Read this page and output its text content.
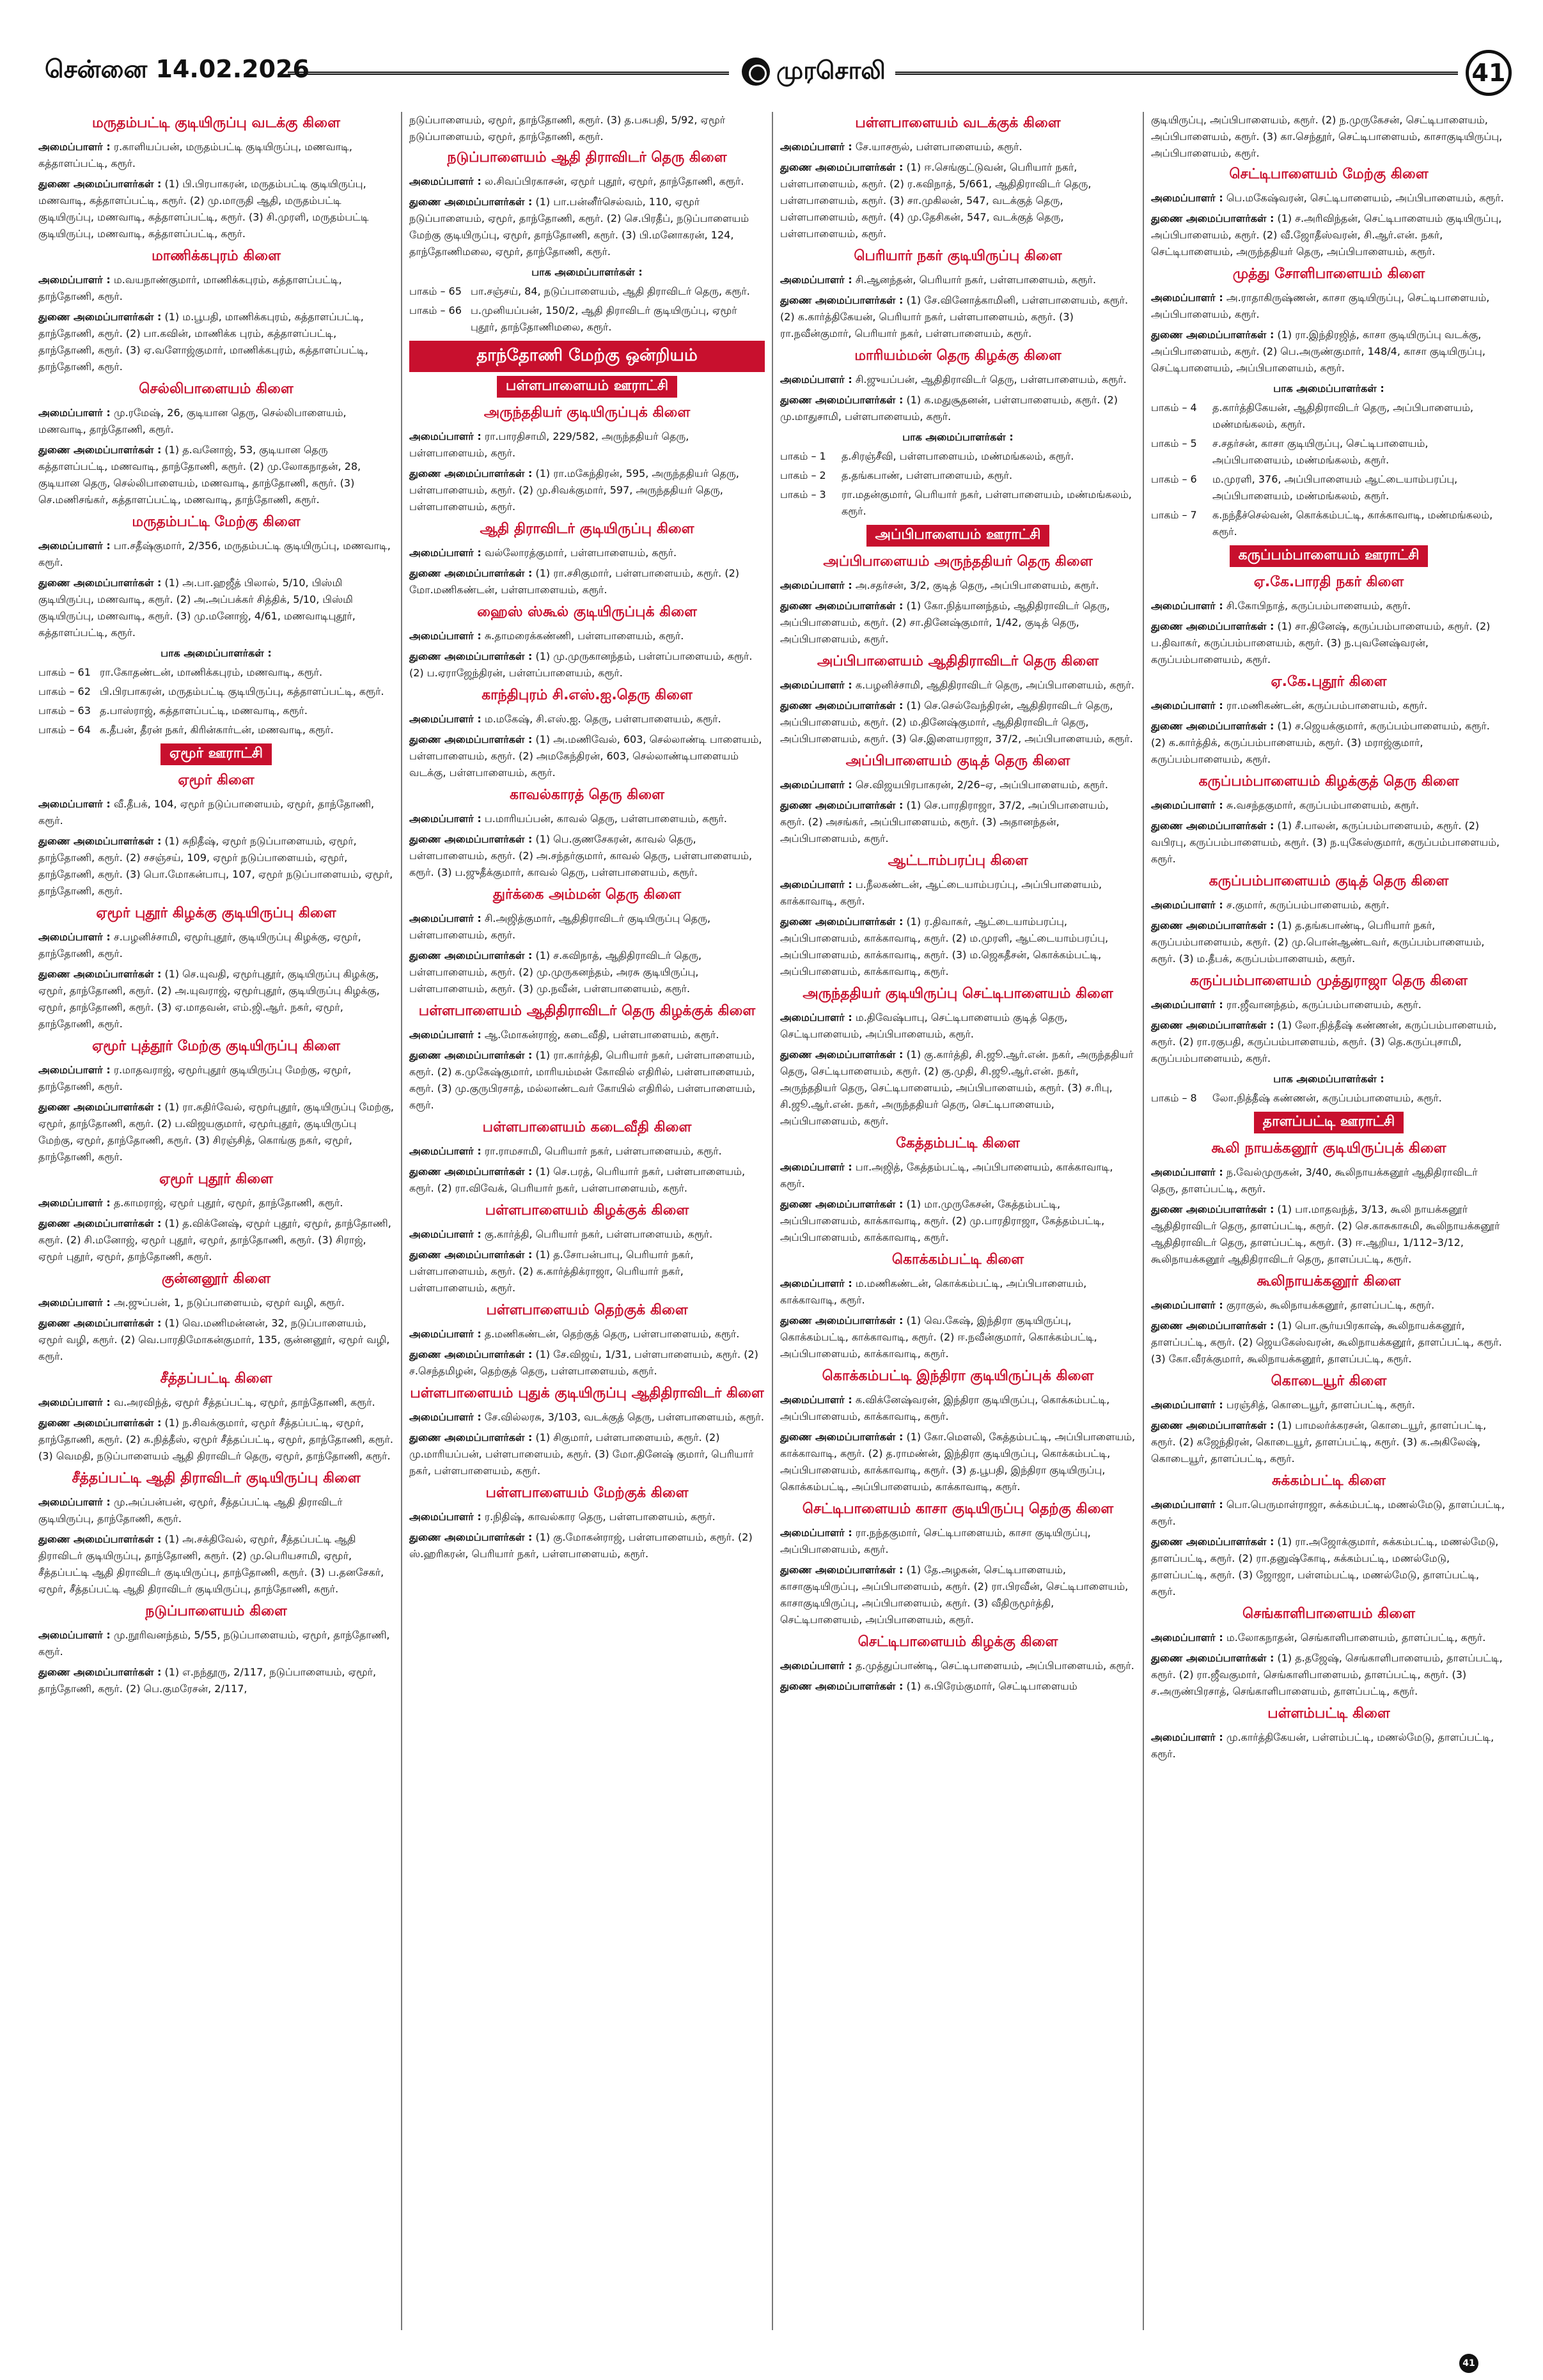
சென்னை 14.02.2026	முரசொலி	41
மருதம்பட்டி குடியிருப்பு வடக்கு கிளை
அமைப்பாளர் : ர.காளியப்பன், மருதம்பட்டி குடியிருப்பு, மணவாடி, கத்தாளப்பட்டி, கரூர்.
துணை அமைப்பாளர்கள் : (1) பி.பிரபாகரன், மருதம்பட்டி குடியிருப்பு, மணவாடி, கத்தாளப்பட்டி, கரூர். (2) மு.மாருதி ஆதி, மருதம்பட்டி குடியிருப்பு, மணவாடி, கத்தாளப்பட்டி, கரூர். (3) சி.முரளி, மருதம்பட்டி குடியிருப்பு, மணவாடி, கத்தாளப்பட்டி, கரூர்.
மாணிக்கபுரம் கிளை
அமைப்பாளர் : ம.வயநாண்குமார், மாணிக்கபுரம், கத்தாளப்பட்டி, தாந்தோணி, கரூர்.
துணை அமைப்பாளர்கள் : (1) ம.பூபதி, மாணிக்கபுரம், கத்தாளப்பட்டி, தாந்தோணி, கரூர். (2) பா.கவின், மாணிக்க புரம், கத்தாளப்பட்டி, தாந்தோணி, கரூர். (3) ஏ.வளோஜ்குமார், மாணிக்கபுரம், கத்தாளப்பட்டி, தாந்தோணி, கரூர்.
செல்லிபாளையம் கிளை
அமைப்பாளர் : மு.ரமேஷ், 26, குடியான தெரு, செல்லிபாளையம், மணவாடி, தாந்தோணி, கரூர்.
துணை அமைப்பாளர்கள் : (1) த.வனோஜ், 53, குடியான தெரு கத்தாளப்பட்டி, மணவாடி, தாந்தோணி, கரூர். (2) மு.லோகநாதன், 28, குடியான தெரு, செல்லிபாளையம், மணவாடி, தாந்தோணி, கரூர். (3) செ.மணிசங்கர், கத்தாளப்பட்டி, மணவாடி, தாந்தோணி, கரூர்.
மருதம்பட்டி மேற்கு கிளை
அமைப்பாளர் : பா.சதீஷ்குமார், 2/356, மருதம்பட்டி குடியிருப்பு, மணவாடி, கரூர்.
துணை அமைப்பாளர்கள் : (1) அ.பா.ஹஜீத் பிலால், 5/10, பிஸ்மி குடியிருப்பு, மணவாடி, கரூர். (2) அ.அப்பக்கர் சித்திக், 5/10, பிஸ்மி குடியிருப்பு, மணவாடி, கரூர். (3) மு.மனோஜ், 4/61, மணவாடிபுதூர், கத்தாளப்பட்டி, கரூர்.
பாக அமைப்பாளர்கள் :
பாகம் – 61 ரா.கோதண்டன், மாணிக்கபுரம், மணவாடி, கரூர்.
பாகம் – 62 பி.பிரபாகரன், மருதம்பட்டி குடியிருப்பு, கத்தாளப்பட்டி, கரூர்.
பாகம் – 63 த.பாஸ்ராஜ், கத்தாளப்பட்டி, மணவாடி, கரூர்.
பாகம் – 64 க.தீபன், தீரன் நகர், கிரின்கார்டன், மணவாடி, கரூர்.
ஏமூர் ஊராட்சி
ஏமூர் கிளை
அமைப்பாளர் : வீ.தீபக், 104, ஏமூர் நடுப்பாளையம், ஏமூர், தாந்தோணி, கரூர்.
துணை அமைப்பாளர்கள் : (1) சுநிதீஷ், ஏமூர் நடுப்பாளையம், ஏமூர், தாந்தோணி, கரூர். (2) சசஞ்சய், 109, ஏமூர் நடுப்பாளையம், ஏமூர், தாந்தோணி, கரூர். (3) பொ.மோகன்பாபு, 107, ஏமூர் நடுப்பாளையம், ஏமூர், தாந்தோணி, கரூர்.
ஏமூர் புதூர் கிழக்கு குடியிருப்பு கிளை
அமைப்பாளர் : ச.பழனிச்சாமி, ஏமூர்புதூர், குடியிருப்பு கிழக்கு, ஏமூர், தாந்தோணி, கரூர்.
துணை அமைப்பாளர்கள் : (1) செ.யுவதி, ஏமூர்புதூர், குடியிருப்பு கிழக்கு, ஏமூர், தாந்தோணி, கரூர். (2) அ.யுவராஜ், ஏமூர்புதூர், குடியிருப்பு கிழக்கு, ஏமூர், தாந்தோணி, கரூர். (3) ஏ.மாதவன், எம்.ஜி.ஆர். நகர், ஏமூர், தாந்தோணி, கரூர்.
ஏமூர் புத்தூர் மேற்கு குடியிருப்பு கிளை
அமைப்பாளர் : ர.மாதவராஜ், ஏமூர்புதூர் குடியிருப்பு மேற்கு, ஏமூர், தாந்தோணி, கரூர்.
துணை அமைப்பாளர்கள் : (1) ரா.கதிர்வேல், ஏமூர்புதூர், குடியிருப்பு மேற்கு, ஏமூர், தாந்தோணி, கரூர். (2) ப.விஜயகுமார், ஏமூர்புதூர், குடியிருப்பு மேற்கு, ஏமூர், தாந்தோணி, கரூர். (3) சிரஞ்சித், கொங்கு நகர், ஏமூர், தாந்தோணி, கரூர்.
ஏமூர் புதூர் கிளை
அமைப்பாளர் : த.காமராஜ், ஏமூர் புதூர், ஏமூர், தாந்தோணி, கரூர்.
துணை அமைப்பாளர்கள் : (1) த.விக்னேஷ், ஏமூர் புதூர், ஏமூர், தாந்தோணி, கரூர். (2) சி.மனோஜ், ஏமூர் புதூர், ஏமூர், தாந்தோணி, கரூர். (3) சிராஜ், ஏமூர் புதூர், ஏமூர், தாந்தோணி, கரூர்.
குன்னனூர் கிளை
அமைப்பாளர் : அ.ஜுப்பன், 1, நடுப்பாளையம், ஏமூர் வழி, கரூர்.
துணை அமைப்பாளர்கள் : (1) வெ.மணிமன்னன், 32, நடுப்பாளையம், ஏமூர் வழி, கரூர். (2) வெ.பாரதிமோகன்குமார், 135, குன்னனூர், ஏமூர் வழி, கரூர்.
சீத்தப்பட்டி கிளை
அமைப்பாளர் : வ.அரவிந்த், ஏமூர் சீத்தப்பட்டி, ஏமூர், தாந்தோணி, கரூர்.
துணை அமைப்பாளர்கள் : (1) ந.சிவக்குமார், ஏமூர் சீத்தப்பட்டி, ஏமூர், தாந்தோணி, கரூர். (2) சு.நித்தீஸ், ஏமூர் சீத்தப்பட்டி, ஏமூர், தாந்தோணி, கரூர். (3) வெமதி, நடுப்பாளையம் ஆதி திராவிடர் தெரு, ஏமூர், தாந்தோணி, கரூர்.
சீத்தப்பட்டி ஆதி திராவிடர் குடியிருப்பு கிளை
அமைப்பாளர் : மு.அப்பன்பன், ஏமூர், சீத்தப்பட்டி ஆதி திராவிடர் குடியிருப்பு, தாந்தோணி, கரூர்.
துணை அமைப்பாளர்கள் : (1) அ.சக்திவேல், ஏமூர், சீத்தப்பட்டி ஆதி திராவிடர் குடியிருப்பு, தாந்தோணி, கரூர். (2) மு.பெரியசாமி, ஏமூர், சீத்தப்பட்டி ஆதி திராவிடர் குடியிருப்பு, தாந்தோணி, கரூர். (3) ப.தனசேகர், ஏமூர், சீத்தப்பட்டி ஆதி திராவிடர் குடியிருப்பு, தாந்தோணி, கரூர்.
நடுப்பாளையம் கிளை
அமைப்பாளர் : மு.நூரிவனந்தம், 5/55, நடுப்பாளையம், ஏமூர், தாந்தோணி, கரூர்.
துணை அமைப்பாளர்கள் : (1) எ.நந்தூரு, 2/117, நடுப்பாளையம், ஏமூர், தாந்தோணி, கரூர். (2) பெ.குமரேசன், 2/117,
நடுப்பாளையம், ஏமூர், தாந்தோணி, கரூர். (3) த.பசுபதி, 5/92, ஏமூர் நடுப்பாளையம், ஏமூர், தாந்தோணி, கரூர்.
நடுப்பாளையம் ஆதி திராவிடர் தெரு கிளை
அமைப்பாளர் : ல.சிவப்பிரகாசன், ஏமூர் புதூர், ஏமூர், தாந்தோணி, கரூர்.
துணை அமைப்பாளர்கள் : (1) பா.பன்னீர்செல்வம், 110, ஏமூர் நடுப்பாளையம், ஏமூர், தாந்தோணி, கரூர். (2) செ.பிரதீப், நடுப்பாளையம் மேற்கு குடியிருப்பு, ஏமூர், தாந்தோணி, கரூர். (3) பி.மனோகரன், 124, தாந்தோணிமலை, ஏமூர், தாந்தோணி, கரூர்.
பாக அமைப்பாளர்கள் :
பாகம் – 65 பா.சஞ்சய், 84, நடுப்பாளையம், ஆதி திராவிடர் தெரு, கரூர்.
பாகம் – 66 ப.முனியப்பன், 150/2, ஆதி திராவிடர் குடியிருப்பு, ஏமூர் புதூர், தாந்தோணிமலை, கரூர்.
தாந்தோணி மேற்கு ஒன்றியம்
பள்ளபாளையம் ஊராட்சி
அருந்ததியர் குடியிருப்புக் கிளை
அமைப்பாளர் : ரா.பாரதிசாமி, 229/582, அருந்ததியர் தெரு, பள்ளபாளையம், கரூர்.
துணை அமைப்பாளர்கள் : (1) ரா.மகேந்திரன், 595, அருந்ததியர் தெரு, பள்ளபாளையம், கரூர். (2) மு.சிவக்குமார், 597, அருந்ததியர் தெரு, பள்ளபாளையம், கரூர்.
ஆதி திராவிடர் குடியிருப்பு கிளை
அமைப்பாளர் : வல்லோரத்குமார், பள்ளபாளையம், கரூர்.
துணை அமைப்பாளர்கள் : (1) ரா.சசிகுமார், பள்ளபாளையம், கரூர். (2) மோ.மணிகண்டன், பள்ளபாளையம், கரூர்.
ஹைஸ் ஸ்கூல் குடியிருப்புக் கிளை
அமைப்பாளர் : சு.தாமரைக்கண்ணி, பள்ளபாளையம், கரூர்.
துணை அமைப்பாளர்கள் : (1) மு.முருகானந்தம், பள்ளப்பாளையம், கரூர். (2) ப.ஏராஜேந்திரன், பள்ளப்பாளையம், கரூர்.
காந்திபுரம் சி.எஸ்.ஐ.தெரு கிளை
அமைப்பாளர் : ம.மகேஷ், சி.எஸ்.ஐ. தெரு, பள்ளபாளையம், கரூர்.
துணை அமைப்பாளர்கள் : (1) அ.மணிவேல், 603, செல்லாண்டி பாளையம், பள்ளபாளையம், கரூர். (2) அமகேந்திரன், 603, செல்லாண்டிபாளையம் வடக்கு, பள்ளபாளையம், கரூர்.
காவல்காரத் தெரு கிளை
அமைப்பாளர் : ப.மாரியப்பன், காவல் தெரு, பள்ளபாளையம், கரூர்.
துணை அமைப்பாளர்கள் : (1) பெ.குணசேகரன், காவல் தெரு, பள்ளபாளையம், கரூர். (2) அ.சந்தர்குமார், காவல் தெரு, பள்ளபாளையம், கரூர். (3) ப.ஜுதீக்குமார், காவல் தெரு, பள்ளபாளையம், கரூர்.
துர்க்கை அம்மன் தெரு கிளை
அமைப்பாளர் : சி.அஜித்குமார், ஆதிதிராவிடர் குடியிருப்பு தெரு, பள்ளபாளையம், கரூர்.
துணை அமைப்பாளர்கள் : (1) ச.கவிநாத், ஆதிதிராவிடர் தெரு, பள்ளபாளையம், கரூர். (2) மு.முருகனந்தம், அரசு குடியிருப்பு, பள்ளபாளையம், கரூர். (3) மு.நவீன், பள்ளபாளையம், கரூர்.
பள்ளபாளையம் ஆதிதிராவிடர் தெரு கிழக்குக் கிளை
அமைப்பாளர் : ஆ.மோகன்ராஜ், கடைவீதி, பள்ளபாளையம், கரூர்.
துணை அமைப்பாளர்கள் : (1) ரா.கார்த்தி, பெரியார் நகர், பள்ளபாளையம், கரூர். (2) க.முகேஷ்குமார், மாரியம்மன் கோவில் எதிரில், பள்ளபாளையம், கரூர். (3) மு.குருபிரசாத், மல்லாண்டவர் கோயில் எதிரில், பள்ளபாளையம், கரூர்.
பள்ளபாளையம் கடைவீதி கிளை
அமைப்பாளர் : ரா.ராமசாமி, பெரியார் நகர், பள்ளபாளையம், கரூர்.
துணை அமைப்பாளர்கள் : (1) செ.பரத், பெரியார் நகர், பள்ளபாளையம், கரூர். (2) ரா.விவேக், பெரியார் நகர், பள்ளபாளையம், கரூர்.
பள்ளபாளையம் கிழக்குக் கிளை
அமைப்பாளர் : கு.கார்த்தி, பெரியார் நகர், பள்ளபாளையம், கரூர்.
துணை அமைப்பாளர்கள் : (1) த.சோபன்பாபு, பெரியார் நகர், பள்ளபாளையம், கரூர். (2) க.கார்த்திக்ராஜா, பெரியார் நகர், பள்ளபாளையம், கரூர்.
பள்ளபாளையம் தெற்குக் கிளை
அமைப்பாளர் : த.மணிகண்டன், தெற்குத் தெரு, பள்ளபாளையம், கரூர்.
துணை அமைப்பாளர்கள் : (1) சே.விஜய், 1/31, பள்ளபாளையம், கரூர். (2) ச.செந்தமிழன், தெற்குத் தெரு, பள்ளபாளையம், கரூர்.
பள்ளபாளையம் புதுக் குடியிருப்பு ஆதிதிராவிடர் கிளை
அமைப்பாளர் : சே.வில்லரசு, 3/103, வடக்குத் தெரு, பள்ளபாளையம், கரூர்.
துணை அமைப்பாளர்கள் : (1) சிகுமார், பள்ளபாளையம், கரூர். (2) மு.மாரியப்பன், பள்ளபாளையம், கரூர். (3) மோ.தினேஷ் குமார், பெரியார் நகர், பள்ளபாளையம், கரூர்.
பள்ளபாளையம் மேற்குக் கிளை
அமைப்பாளர் : ர.நிதிஷ், காவல்கார தெரு, பள்ளபாளையம், கரூர்.
துணை அமைப்பாளர்கள் : (1) கு.மோகன்ராஜ், பள்ளபாளையம், கரூர். (2) ஸ்.ஹரிகரன், பெரியார் நகர், பள்ளபாளையம், கரூர்.
பள்ளபாளையம் வடக்குக் கிளை
அமைப்பாளர் : சே.யாசரூல், பள்ளபாளையம், கரூர்.
துணை அமைப்பாளர்கள் : (1) ஈ.செங்குட்டுவன், பெரியார் நகர், பள்ளபாளையம், கரூர். (2) ர.கவிநாத், 5/661, ஆதிதிராவிடர் தெரு, பள்ளபாளையம், கரூர். (3) சா.முகிலன், 547, வடக்குத் தெரு, பள்ளபாளையம், கரூர். (4) மு.தேசிகன், 547, வடக்குத் தெரு, பள்ளபாளையம், கரூர்.
பெரியார் நகர் குடியிருப்பு கிளை
அமைப்பாளர் : சி.ஆனந்தன், பெரியார் நகர், பள்ளபாளையம், கரூர்.
துணை அமைப்பாளர்கள் : (1) சே.வினோத்காமினி, பள்ளபாளையம், கரூர். (2) க.கார்த்திகேயன், பெரியார் நகர், பள்ளபாளையம், கரூர். (3) ரா.நவீன்குமார், பெரியார் நகர், பள்ளபாளையம், கரூர்.
மாரியம்மன் தெரு கிழக்கு கிளை
அமைப்பாளர் : சி.ஜுயப்பன், ஆதிதிராவிடர் தெரு, பள்ளபாளையம், கரூர்.
துணை அமைப்பாளர்கள் : (1) க.மதுசூதனன், பள்ளபாளையம், கரூர். (2) மு.மாதுசாமி, பள்ளபாளையம், கரூர்.
பாக அமைப்பாளர்கள் :
பாகம் – 1	த.சிரஞ்சீவி, பள்ளபாளையம், மண்மங்கலம், கரூர்.
பாகம் – 2	த.தங்கபாண், பள்ளபாளையம், கரூர்.
பாகம் – 3	ரா.மதன்குமார், பெரியார் நகர், பள்ளபாளையம், மண்மங்கலம், கரூர்.
அப்பிபாளையம் ஊராட்சி
அப்பிபாளையம் அருந்ததியர் தெரு கிளை
அமைப்பாளர் : அ.சதர்சன், 3/2, குடித் தெரு, அப்பிபாளையம், கரூர்.
துணை அமைப்பாளர்கள் : (1) கோ.நித்யானந்தம், ஆதிதிராவிடர் தெரு, அப்பிபாளையம், கரூர். (2) சா.தினேஷ்குமார், 1/42, குடித் தெரு, அப்பிபாளையம், கரூர்.
அப்பிபாளையம் ஆதிதிராவிடர் தெரு கிளை
அமைப்பாளர் : க.பழனிச்சாமி, ஆதிதிராவிடர் தெரு, அப்பிபாளையம், கரூர்.
துணை அமைப்பாளர்கள் : (1) செ.செல்வேந்திரன், ஆதிதிராவிடர் தெரு, அப்பிபாளையம், கரூர். (2) ம.தினேஷ்குமார், ஆதிதிராவிடர் தெரு, அப்பிபாளையம், கரூர். (3) செ.இளையராஜா, 37/2, அப்பிபாளையம், கரூர்.
அப்பிபாளையம் குடித் தெரு கிளை
அமைப்பாளர் : செ.விஜயபிரபாகரன், 2/26–ஏ, அப்பிபாளையம், கரூர்.
துணை அமைப்பாளர்கள் : (1) செ.பாரதிராஜா, 37/2, அப்பிபாளையம், கரூர். (2) அசங்கர், அப்பிபாளையம், கரூர். (3) அதானந்தன், அப்பிபாளையம், கரூர்.
ஆட்டாம்பரப்பு கிளை
அமைப்பாளர் : ப.நீலகண்டன், ஆட்டையாம்பரப்பு, அப்பிபாளையம், காக்காவாடி, கரூர்.
துணை அமைப்பாளர்கள் : (1) ர.திவாகர், ஆட்டையாம்பரப்பு, அப்பிபாளையம், காக்காவாடி, கரூர். (2) ம.முரளி, ஆட்டையாம்பரப்பு, அப்பிபாளையம், காக்காவாடி, கரூர். (3) ம.ஜெகதீசன், கொக்கம்பட்டி, அப்பிபாளையம், காக்காவாடி, கரூர்.
அருந்ததியர் குடியிருப்பு செட்டிபாளையம் கிளை
அமைப்பாளர் : ம.திவேஷ்பாபு, செட்டிபாளையம் குடித் தெரு, செட்டிபாளையம், அப்பிபாளையம், கரூர்.
துணை அமைப்பாளர்கள் : (1) கு.கார்த்தி, சி.ஜூ.ஆர்.என். நகர், அருந்ததியர் தெரு, செட்டிபாளையம், கரூர். (2) கு.முதி, சி.ஜூ.ஆர்.என். நகர், அருந்ததியர் தெரு, செட்டிபாளையம், அப்பிபாளையம், கரூர். (3) ச.ரிபு, சி.ஜூ.ஆர்.என். நகர், அருந்ததியர் தெரு, செட்டிபாளையம், அப்பிபாளையம், கரூர்.
கேத்தம்பட்டி கிளை
அமைப்பாளர் : பா.அஜித், கேத்தம்பட்டி, அப்பிபாளையம், காக்காவாடி, கரூர்.
துணை அமைப்பாளர்கள் : (1) மா.முருகேசன், கேத்தம்பட்டி, அப்பிபாளையம், காக்காவாடி, கரூர். (2) மு.பாரதிராஜா, கேத்தம்பட்டி, அப்பிபாளையம், காக்காவாடி, கரூர்.
கொக்கம்பட்டி கிளை
அமைப்பாளர் : ம.மணிகண்டன், கொக்கம்பட்டி, அப்பிபாளையம், காக்காவாடி, கரூர்.
துணை அமைப்பாளர்கள் : (1) வெ.கேஷ், இந்திரா குடியிருப்பு, கொக்கம்பட்டி, காக்காவாடி, கரூர். (2) ஈ.நவீன்குமார், கொக்கம்பட்டி, அப்பிபாளையம், காக்காவாடி, கரூர்.
கொக்கம்பட்டி இந்திரா குடியிருப்புக் கிளை
அமைப்பாளர் : க.விக்னேஷ்வரன், இந்திரா குடியிருப்பு, கொக்கம்பட்டி, அப்பிபாளையம், காக்காவாடி, கரூர்.
துணை அமைப்பாளர்கள் : (1) கோ.மௌலி, கேத்தம்பட்டி, அப்பிபாளையம், காக்காவாடி, கரூர். (2) த.ராமண்ன், இந்திரா குடியிருப்பு, கொக்கம்பட்டி, அப்பிபாளையம், காக்காவாடி, கரூர். (3) த.பூபதி, இந்திரா குடியிருப்பு, கொக்கம்பட்டி, அப்பிபாளையம், காக்காவாடி, கரூர்.
செட்டிபாளையம் காசா குடியிருப்பு தெற்கு கிளை
அமைப்பாளர் : ரா.நந்தகுமார், செட்டிபாளையம், காசா குடியிருப்பு, அப்பிபாளையம், கரூர்.
துணை அமைப்பாளர்கள் : (1) தே.அழகன், செட்டிபாளையம், காசாகுடியிருப்பு, அப்பிபாளையம், கரூர். (2) ரா.பிரவீன், செட்டிபாளையம், காசாகுடியிருப்பு, அப்பிபாளையம், கரூர். (3) வீதிருமூர்த்தி, செட்டிபாளையம், அப்பிபாளையம், கரூர்.
செட்டிபாளையம் கிழக்கு கிளை
அமைப்பாளர் : த.முத்துப்பாண்டி, செட்டிபாளையம், அப்பிபாளையம், கரூர்.
துணை அமைப்பாளர்கள் : (1) க.பிரேம்குமார், செட்டிபாளையம்
குடியிருப்பு, அப்பிபாளையம், கரூர். (2) ந.முருகேசன், செட்டிபாளையம், அப்பிபாளையம், கரூர். (3) கா.செந்தூர், செட்டிபாளையம், காசாகுடியிருப்பு, அப்பிபாளையம், கரூர்.
செட்டிபாளையம் மேற்கு கிளை
அமைப்பாளர் : பெ.மகேஷ்வரன், செட்டிபாளையம், அப்பிபாளையம், கரூர்.
துணை அமைப்பாளர்கள் : (1) ச.அரிவிந்தன், செட்டிபாளையம் குடியிருப்பு, அப்பிபாளையம், கரூர். (2) வீ.ஜோதீஸ்வரன், சி.ஆர்.என். நகர், செட்டிபாளையம், அருந்ததியர் தெரு, அப்பிபாளையம், கரூர்.
முத்து சோளிபாளையம் கிளை
அமைப்பாளர் : அ.ராதாகிருஷ்ணன், காசா குடியிருப்பு, செட்டிபாளையம், அப்பிபாளையம், கரூர்.
துணை அமைப்பாளர்கள் : (1) ரா.இந்திரஜித், காசா குடியிருப்பு வடக்கு, அப்பிபாளையம், கரூர். (2) பெ.அருண்குமார், 148/4, காசா குடியிருப்பு, செட்டிபாளையம், அப்பிபாளையம், கரூர்.
பாக அமைப்பாளர்கள் :
பாகம் – 4	த.கார்த்திகேயன், ஆதிதிராவிடர் தெரு, அப்பிபாளையம், மண்மங்கலம், கரூர்.
பாகம் – 5	ச.சதர்சன், காசா குடியிருப்பு, செட்டிபாளையம், அப்பிபாளையம், மண்மங்கலம், கரூர்.
பாகம் – 6	ம.முரளி, 376, அப்பிபாளையம் ஆட்டையாம்பரப்பு, அப்பிபாளையம், மண்மங்கலம், கரூர்.
பாகம் – 7	க.நந்தீச்செல்வன், கொக்கம்பட்டி, காக்காவாடி, மண்மங்கலம், கரூர்.
கருப்பம்பாளையம் ஊராட்சி
ஏ.கே.பாரதி நகர் கிளை
அமைப்பாளர் : சி.கோபிநாத், கருப்பம்பாளையம், கரூர்.
துணை அமைப்பாளர்கள் : (1) சா.தினேஷ், கருப்பம்பாளையம், கரூர். (2) ப.திவாகர், கருப்பம்பாளையம், கரூர். (3) ந.புவனேஷ்வரன், கருப்பம்பாளையம், கரூர்.
ஏ.கே.புதூர் கிளை
அமைப்பாளர் : ரா.மணிகண்டன், கருப்பம்பாளையம், கரூர்.
துணை அமைப்பாளர்கள் : (1) ச.ஜெயக்குமார், கருப்பம்பாளையம், கரூர். (2) க.கார்த்திக், கருப்பம்பாளையம், கரூர். (3) மராஜ்குமார், கருப்பம்பாளையம், கரூர்.
கருப்பம்பாளையம் கிழக்குத் தெரு கிளை
அமைப்பாளர் : சு.வசந்தகுமார், கருப்பம்பாளையம், கரூர்.
துணை அமைப்பாளர்கள் : (1) சீ.பாலன், கருப்பம்பாளையம், கரூர். (2) வபிரபு, கருப்பம்பாளையம், கரூர். (3) ந.யுகேஸ்குமார், கருப்பம்பாளையம், கரூர்.
கருப்பம்பாளையம் குடித் தெரு கிளை
அமைப்பாளர் : ச.குமார், கருப்பம்பாளையம், கரூர்.
துணை அமைப்பாளர்கள் : (1) த.தங்கபாண்டி, பெரியார் நகர், கருப்பம்பாளையம், கரூர். (2) மு.பொன்ஆண்டவர், கருப்பம்பாளையம், கரூர். (3) ம.தீபக், கருப்பம்பாளையம், கரூர்.
கருப்பம்பாளையம் முத்துராஜா தெரு கிளை
அமைப்பாளர் : ரா.ஜீவானந்தம், கருப்பம்பாளையம், கரூர்.
துணை அமைப்பாளர்கள் : (1) லோ.நித்தீஷ் கண்ணன், கருப்பம்பாளையம், கரூர். (2) ரா.ரகுபதி, கருப்பம்பாளையம், கரூர். (3) தெ.கருப்புசாமி, கருப்பம்பாளையம், கரூர்.
பாக அமைப்பாளர்கள் :
பாகம் – 8	லோ.நித்தீஷ் கண்ணன், கருப்பம்பாளையம், கரூர்.
தாளப்பட்டி ஊராட்சி
கூலி நாயக்கனூர் குடியிருப்புக் கிளை
அமைப்பாளர் : ந.வேல்முருகன், 3/40, கூலிநாயக்கனூர் ஆதிதிராவிடர் தெரு, தாளப்பட்டி, கரூர்.
துணை அமைப்பாளர்கள் : (1) பா.மாதவந்த், 3/13, கூலி நாயக்கனூர் ஆதிதிராவிடர் தெரு, தாளப்பட்டி, கரூர். (2) செ.காசுகாசுமி, கூலிநாயக்கனூர் ஆதிதிராவிடர் தெரு, தாளப்பட்டி, கரூர். (3) ஈ.ஆறிய, 1/112–3/12, கூலிநாயக்கனூர் ஆதிதிராவிடர் தெரு, தாளப்பட்டி, கரூர்.
கூலிநாயக்கனூர் கிளை
அமைப்பாளர் : குராகுல், கூலிநாயக்கனூர், தாளப்பட்டி, கரூர்.
துணை அமைப்பாளர்கள் : (1) பொ.சூர்யபிரகாஷ், கூலிநாயக்கனூர், தாளப்பட்டி, கரூர். (2) ஜெயகேஸ்வரன், கூலிநாயக்கனூர், தாளப்பட்டி, கரூர். (3) கோ.வீரக்குமார், கூலிநாயக்கனூர், தாளப்பட்டி, கரூர்.
கொடையூர் கிளை
அமைப்பாளர் : பரஞ்சித், கொடையூர், தாளப்பட்டி, கரூர்.
துணை அமைப்பாளர்கள் : (1) பாமலர்க்கரசன், கொடையூர், தாளப்பட்டி, கரூர். (2) கஜேந்திரன், கொடையூர், தாளப்பட்டி, கரூர். (3) க.அகிலேஷ், கொடையூர், தாளப்பட்டி, கரூர்.
சுக்கம்பட்டி கிளை
அமைப்பாளர் : பொ.பெருமாள்ராஜா, சுக்கம்பட்டி, மணல்மேடு, தாளப்பட்டி, கரூர்.
துணை அமைப்பாளர்கள் : (1) ரா.அஜோக்குமார், சுக்கம்பட்டி, மணல்மேடு, தாளப்பட்டி, கரூர். (2) ரா.தனுஷ்கோடி, சுக்கம்பட்டி, மணல்மேடு, தாளப்பட்டி, கரூர். (3) ஜோஜா, பள்ளம்பட்டி, மணல்மேடு, தாளப்பட்டி, கரூர்.
செங்காளிபாளையம் கிளை
அமைப்பாளர் : ம.லோகநாதன், செங்காளிபாளையம், தாளப்பட்டி, கரூர்.
துணை அமைப்பாளர்கள் : (1) த.தஜேஷ், செங்காளிபாளையம், தாளப்பட்டி, கரூர். (2) ரா.ஜீவகுமார், செங்காளிபாளையம், தாளப்பட்டி, கரூர். (3) ச.அருண்பிரசாத், செங்காளிபாளையம், தாளப்பட்டி, கரூர்.
பள்ளம்பட்டி கிளை
அமைப்பாளர் : மு.கார்த்திகேயன், பள்ளம்பட்டி, மணல்மேடு, தாளப்பட்டி, கரூர்.
41
